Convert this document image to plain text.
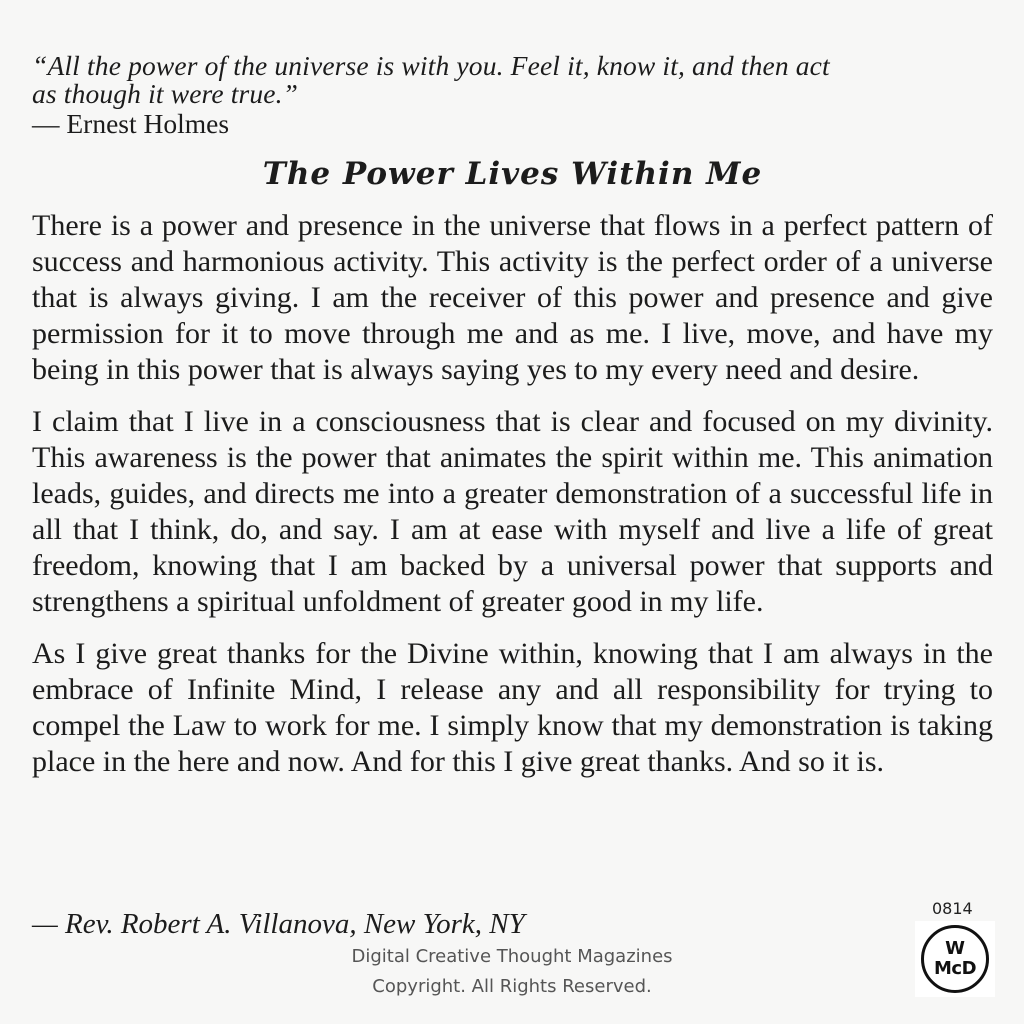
“All the power of the universe is with you. Feel it, know it, and then act

as though it were true.”

— Ernest Holmes

The Power Lives Within Me

There is a power and presence in the universe that flows in a perfect pattern of success and harmonious activity. This activity is the perfect order of a universe that is always giving. I am the receiver of this power and presence and give permission for it to move through me and as me. I live, move, and have my being in this power that is always saying yes to my every need and desire.

I claim that I live in a consciousness that is clear and focused on my divinity. This awareness is the power that animates the spirit within me. This animation leads, guides, and directs me into a greater demonstration of a successful life in all that I think, do, and say. I am at ease with myself and live a life of great freedom, knowing that I am backed by a universal power that supports and strengthens a spiritual unfoldment of greater good in my life.

As I give great thanks for the Divine within, knowing that I am always in the embrace of Infinite Mind, I release any and all responsibility for trying to compel the Law to work for me. I simply know that my demonstration is taking place in the here and now. And for this I give great thanks. And so it is.

— Rev. Robert A. Villanova, New York, NY

Digital Creative Thought Magazines

Copyright. All Rights Reserved.

0814
W
McD
